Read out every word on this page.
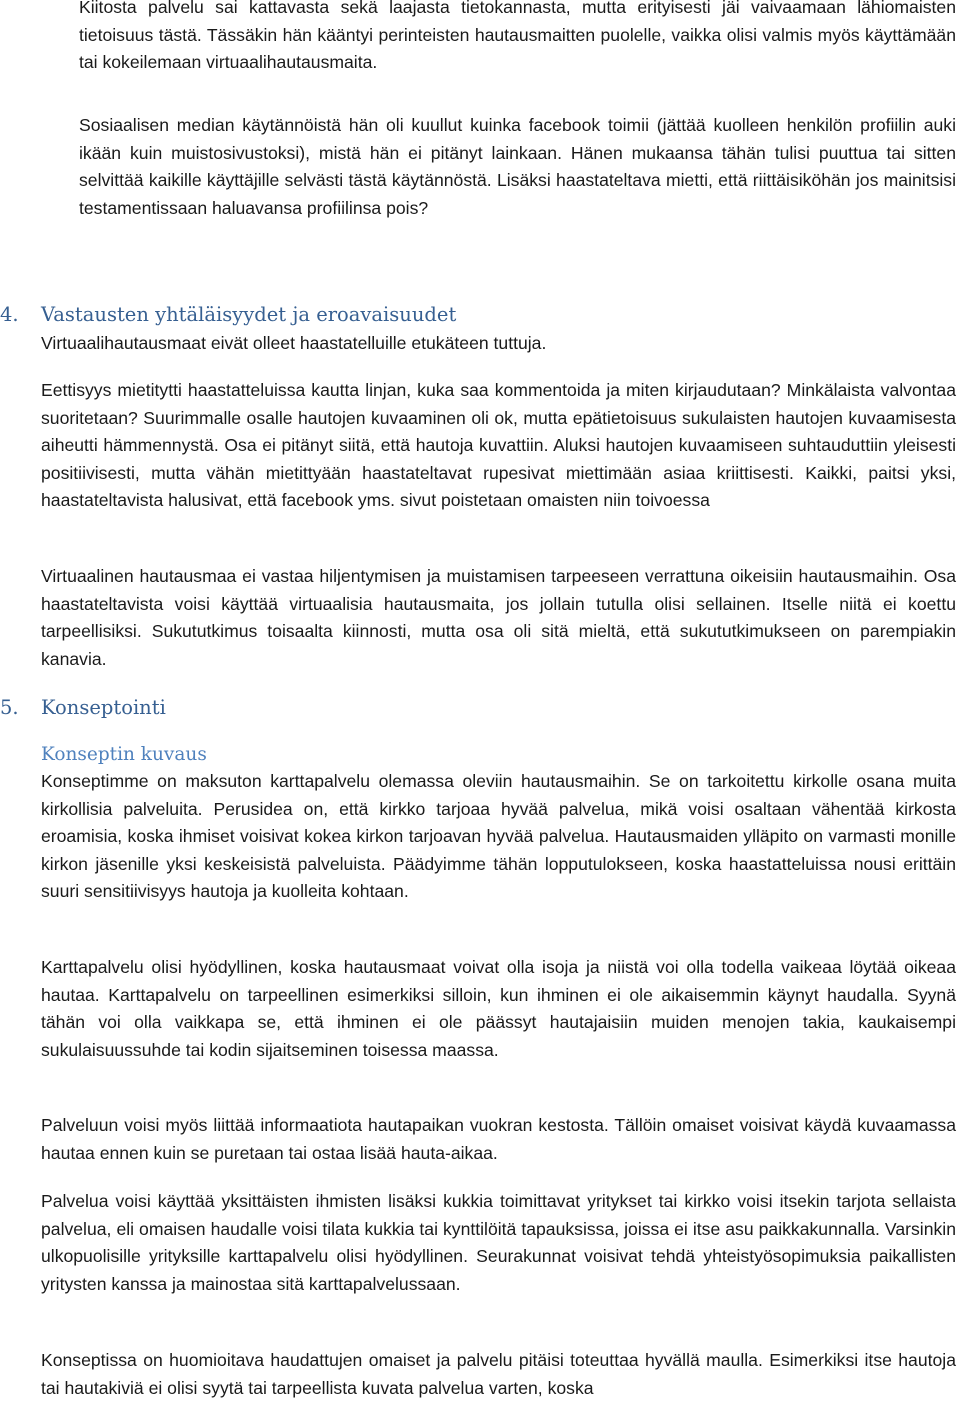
Kiitosta palvelu sai kattavasta sekä laajasta tietokannasta, mutta erityisesti jäi vaivaamaan lähiomaisten tietoisuus tästä. Tässäkin hän kääntyi perinteisten hautausmaitten puolelle, vaikka olisi valmis myös käyttämään tai kokeilemaan virtuaalihautausmaita.

Sosiaalisen median käytännöistä hän oli kuullut kuinka facebook toimii (jättää kuolleen henkilön profiilin auki ikään kuin muistosivustoksi), mistä hän ei pitänyt lainkaan. Hänen mukaansa tähän tulisi puuttua tai sitten selvittää kaikille käyttäjille selvästi tästä käytännöstä. Lisäksi haastateltava mietti, että riittäisiköhän jos mainitsisi testamentissaan haluavansa profiilinsa pois?

4. Vastausten yhtäläisyydet ja eroavaisuudet

Virtuaalihautausmaat eivät olleet haastatelluille etukäteen tuttuja.

Eettisyys mietitytti haastatteluissa kautta linjan, kuka saa kommentoida ja miten kirjaudutaan? Minkälaista valvontaa suoritetaan? Suurimmalle osalle hautojen kuvaaminen oli ok, mutta epätietoisuus sukulaisten hautojen kuvaamisesta aiheutti hämmennystä. Osa ei pitänyt siitä, että hautoja kuvattiin. Aluksi hautojen kuvaamiseen suhtauduttiin yleisesti positiivisesti, mutta vähän mietittyään haastateltavat rupesivat miettimään asiaa kriittisesti. Kaikki, paitsi yksi, haastateltavista halusivat, että facebook yms. sivut poistetaan omaisten niin toivoessa

Virtuaalinen hautausmaa ei vastaa hiljentymisen ja muistamisen tarpeeseen verrattuna oikeisiin hautausmaihin. Osa haastateltavista voisi käyttää virtuaalisia hautausmaita, jos jollain tutulla olisi sellainen. Itselle niitä ei koettu tarpeellisiksi. Sukututkimus toisaalta kiinnosti, mutta osa oli sitä mieltä, että sukututkimukseen on parempiakin kanavia.

5. Konseptointi
Konseptin kuvaus

Konseptimme on maksuton karttapalvelu olemassa oleviin hautausmaihin. Se on tarkoitettu kirkolle osana muita kirkollisia palveluita. Perusidea on, että kirkko tarjoaa hyvää palvelua, mikä voisi osaltaan vähentää kirkosta eroamisia, koska ihmiset voisivat kokea kirkon tarjoavan hyvää palvelua. Hautausmaiden ylläpito on varmasti monille kirkon jäsenille yksi keskeisistä palveluista. Päädyimme tähän lopputulokseen, koska haastatteluissa nousi erittäin suuri sensitiivisyys hautoja ja kuolleita kohtaan.

Karttapalvelu olisi hyödyllinen, koska hautausmaat voivat olla isoja ja niistä voi olla todella vaikeaa löytää oikeaa hautaa. Karttapalvelu on tarpeellinen esimerkiksi silloin, kun ihminen ei ole aikaisemmin käynyt haudalla. Syynä tähän voi olla vaikkapa se, että ihminen ei ole päässyt hautajaisiin muiden menojen takia, kaukaisempi sukulaisuussuhde tai kodin sijaitseminen toisessa maassa.

Palveluun voisi myös liittää informaatiota hautapaikan vuokran kestosta. Tällöin omaiset voisivat käydä kuvaamassa hautaa ennen kuin se puretaan tai ostaa lisää hauta-aikaa.

Palvelua voisi käyttää yksittäisten ihmisten lisäksi kukkia toimittavat yritykset tai kirkko voisi itsekin tarjota sellaista palvelua, eli omaisen haudalle voisi tilata kukkia tai kynttilöitä tapauksissa, joissa ei itse asu paikkakunnalla. Varsinkin ulkopuolisille yrityksille karttapalvelu olisi hyödyllinen. Seurakunnat voisivat tehdä yhteistyösopimuksia paikallisten yritysten kanssa ja mainostaa sitä karttapalvelussaan.

Konseptissa on huomioitava haudattujen omaiset ja palvelu pitäisi toteuttaa hyvällä maulla. Esimerkiksi itse hautoja tai hautakiviä ei olisi syytä tai tarpeellista kuvata palvelua varten, koska
